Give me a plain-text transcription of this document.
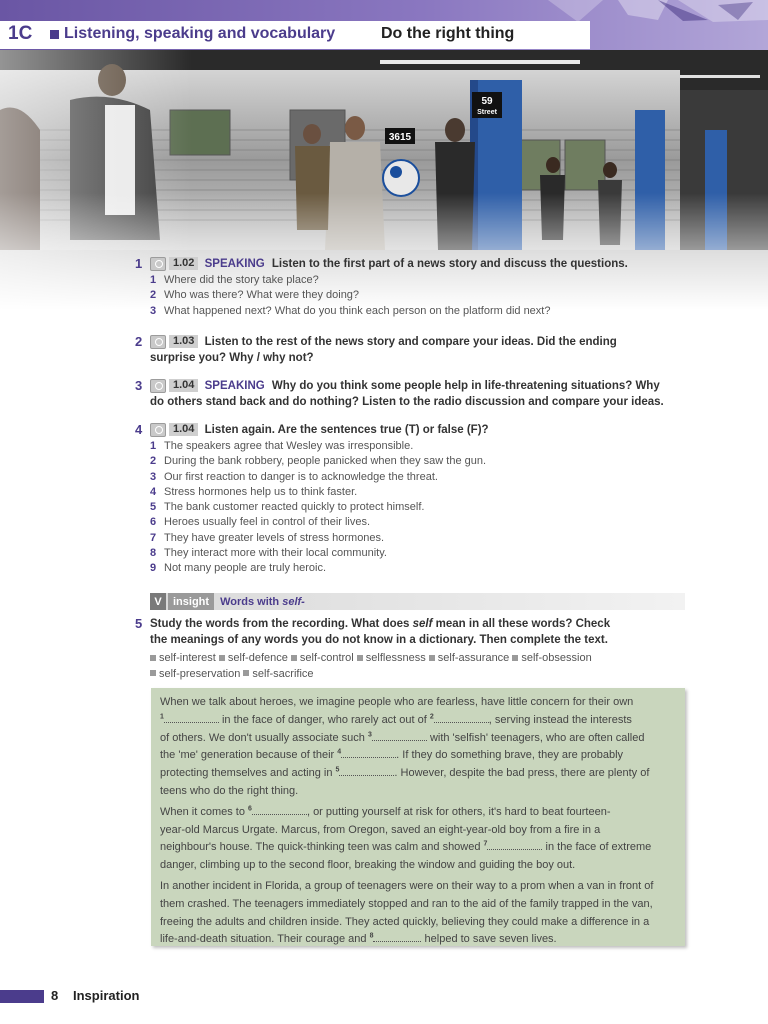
1C Listening, speaking and vocabulary	Do the right thing
1	1.02 SPEAKING Listen to the first part of a news story and discuss the questions.
1 Where did the story take place?
2 Who was there? What were they doing?
3 What happened next? What do you think each person on the platform did next?
2	1.03 Listen to the rest of the news story and compare your ideas. Did the ending
surprise you? Why / why not?
3	1.04 SPEAKING Why do you think some people help in life-threatening situations? Why
do others stand back and do nothing? Listen to the radio discussion and compare your ideas.
4	1.04 Listen again. Are the sentences true (T) or false (F)?
1 The speakers agree that Wesley was irresponsible.
2 During the bank robbery, people panicked when they saw the gun.
3 Our first reaction to danger is to acknowledge the threat.
4 Stress hormones help us to think faster.
5 The bank customer reacted quickly to protect himself.
6 Heroes usually feel in control of their lives.
7 They have greater levels of stress hormones.
8 They interact more with their local community.
9 Not many people are truly heroic.
V	insight	Words with self-
5 Study the words from the recording. What does self mean in all these words? Check
the meanings of any words you do not know in a dictionary. Then complete the text.
self-interest self-defence self-control selflessness self-assurance self-obsession
self-preservation self-sacrifice

When we talk about heroes, we imagine people who are fearless, have little concern for their own
$^1$	in the face of danger, who rarely act out of $^2$	, serving instead the interests
of others. We don't usually associate such $^3$	with 'selfish' teenagers, who are often called
the 'me' generation because of their $^4$	. If they do something brave, they are probably
protecting themselves and acting in $^5$	. However, despite the bad press, there are plenty of
teens who do the right thing.

When it comes to $^6$	, or putting yourself at risk for others, it's hard to beat fourteen-
year-old Marcus Urgate. Marcus, from Oregon, saved an eight-year-old boy from a fire in a
neighbour's house. The quick-thinking teen was calm and showed $^7$	in the face of extreme
danger, climbing up to the second floor, breaking the window and guiding the boy out.

In another incident in Florida, a group of teenagers were on their way to a prom when a van in front of
them crashed. The teenagers immediately stopped and ran to the aid of the family trapped in the van,
freeing the adults and children inside. They acted quickly, believing they could make a difference in a
life-and-death situation. Their courage and $^8$	helped to save seven lives.

8 Inspiration
